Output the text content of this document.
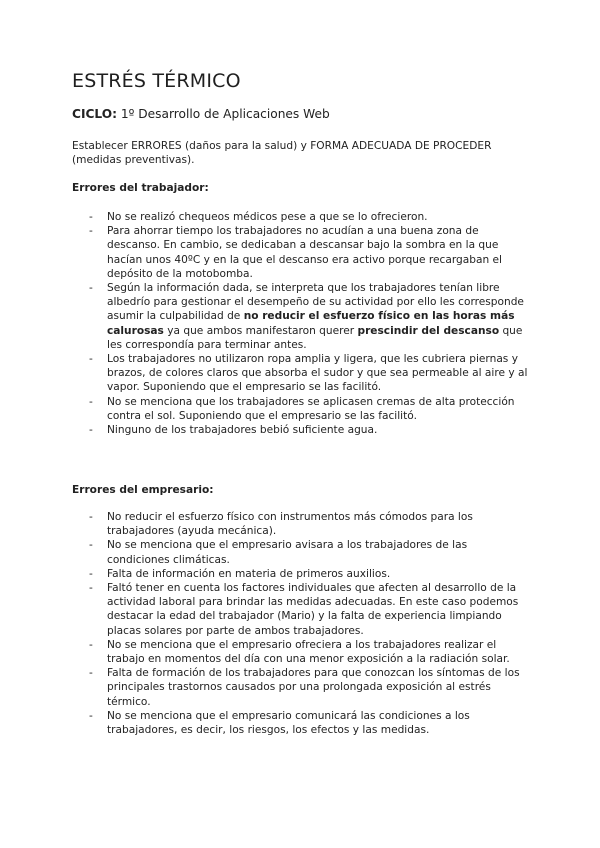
ESTRÉS TÉRMICO

CICLO: 1º Desarrollo de Aplicaciones Web

Establecer ERRORES (daños para la salud) y FORMA ADECUADA DE PROCEDER (medidas preventivas).

Errores del trabajador:

- No se realizó chequeos médicos pese a que se lo ofrecieron.
- Para ahorrar tiempo los trabajadores no acudían a una buena zona de descanso. En cambio, se dedicaban a descansar bajo la sombra en la que hacían unos 40ºC y en la que el descanso era activo porque recargaban el depósito de la motobomba.
- Según la información dada, se interpreta que los trabajadores tenían libre albedrío para gestionar el desempeño de su actividad por ello les corresponde asumir la culpabilidad de no reducir el esfuerzo físico en las horas más calurosas ya que ambos manifestaron querer prescindir del descanso que les correspondía para terminar antes.
- Los trabajadores no utilizaron ropa amplia y ligera, que les cubriera piernas y brazos, de colores claros que absorba el sudor y que sea permeable al aire y al vapor. Suponiendo que el empresario se las facilitó.
- No se menciona que los trabajadores se aplicasen cremas de alta protección contra el sol. Suponiendo que el empresario se las facilitó.
- Ninguno de los trabajadores bebió suficiente agua.

Errores del empresario:

- No reducir el esfuerzo físico con instrumentos más cómodos para los trabajadores (ayuda mecánica).
- No se menciona que el empresario avisara a los trabajadores de las condiciones climáticas.
- Falta de información en materia de primeros auxilios.
- Faltó tener en cuenta los factores individuales que afecten al desarrollo de la actividad laboral para brindar las medidas adecuadas. En este caso podemos destacar la edad del trabajador (Mario) y la falta de experiencia limpiando placas solares por parte de ambos trabajadores.
- No se menciona que el empresario ofreciera a los trabajadores realizar el trabajo en momentos del día con una menor exposición a la radiación solar.
- Falta de formación de los trabajadores para que conozcan los síntomas de los principales trastornos causados por una prolongada exposición al estrés térmico.
- No se menciona que el empresario comunicará las condiciones a los trabajadores, es decir, los riesgos, los efectos y las medidas.
